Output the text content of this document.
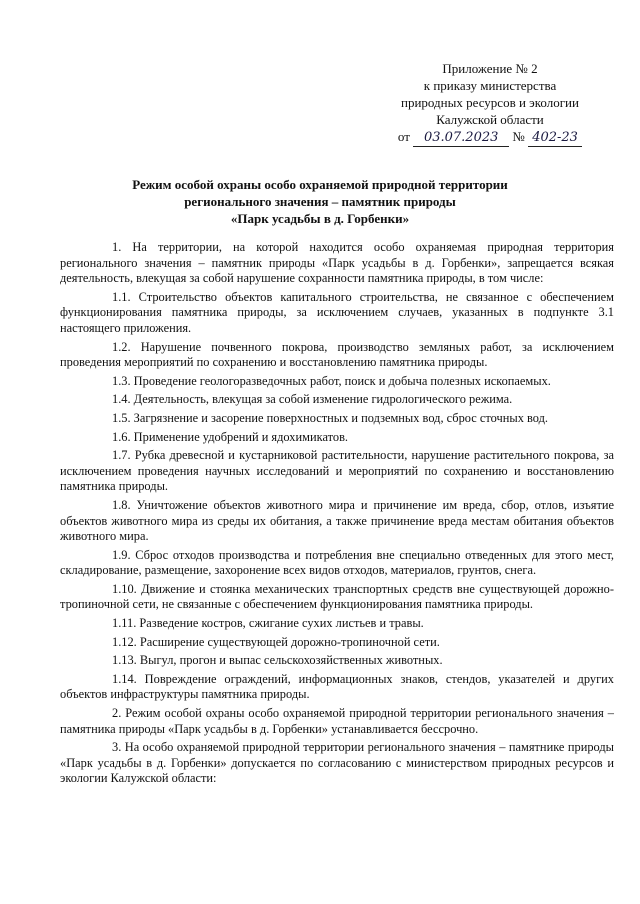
Приложение № 2
к приказу министерства
природных ресурсов и экологии
Калужской области
от 03.07.2023 № 402-23
Режим особой охраны особо охраняемой природной территории
регионального значения – памятник природы
«Парк усадьбы в д. Горбенки»

1. На территории, на которой находится особо охраняемая природная территория регионального значения – памятник природы «Парк усадьбы в д. Горбенки», запрещается всякая деятельность, влекущая за собой нарушение сохранности памятника природы, в том числе:

1.1. Строительство объектов капитального строительства, не связанное с обеспечением функционирования памятника природы, за исключением случаев, указанных в подпункте 3.1 настоящего приложения.

1.2. Нарушение почвенного покрова, производство земляных работ, за исключением проведения мероприятий по сохранению и восстановлению памятника природы.

1.3. Проведение геологоразведочных работ, поиск и добыча полезных ископаемых.

1.4. Деятельность, влекущая за собой изменение гидрологического режима.

1.5. Загрязнение и засорение поверхностных и подземных вод, сброс сточных вод.

1.6. Применение удобрений и ядохимикатов.

1.7. Рубка древесной и кустарниковой растительности, нарушение растительного покрова, за исключением проведения научных исследований и мероприятий по сохранению и восстановлению памятника природы.

1.8. Уничтожение объектов животного мира и причинение им вреда, сбор, отлов, изъятие объектов животного мира из среды их обитания, а также причинение вреда местам обитания объектов животного мира.

1.9. Сброс отходов производства и потребления вне специально отведенных для этого мест, складирование, размещение, захоронение всех видов отходов, материалов, грунтов, снега.

1.10. Движение и стоянка механических транспортных средств вне существующей дорожно-тропиночной сети, не связанные с обеспечением функционирования памятника природы.

1.11. Разведение костров, сжигание сухих листьев и травы.

1.12. Расширение существующей дорожно-тропиночной сети.

1.13. Выгул, прогон и выпас сельскохозяйственных животных.

1.14. Повреждение ограждений, информационных знаков, стендов, указателей и других объектов инфраструктуры памятника природы.

2. Режим особой охраны особо охраняемой природной территории регионального значения – памятника природы «Парк усадьбы в д. Горбенки» устанавливается бессрочно.

3. На особо охраняемой природной территории регионального значения – памятнике природы «Парк усадьбы в д. Горбенки» допускается по согласованию с министерством природных ресурсов и экологии Калужской области:
